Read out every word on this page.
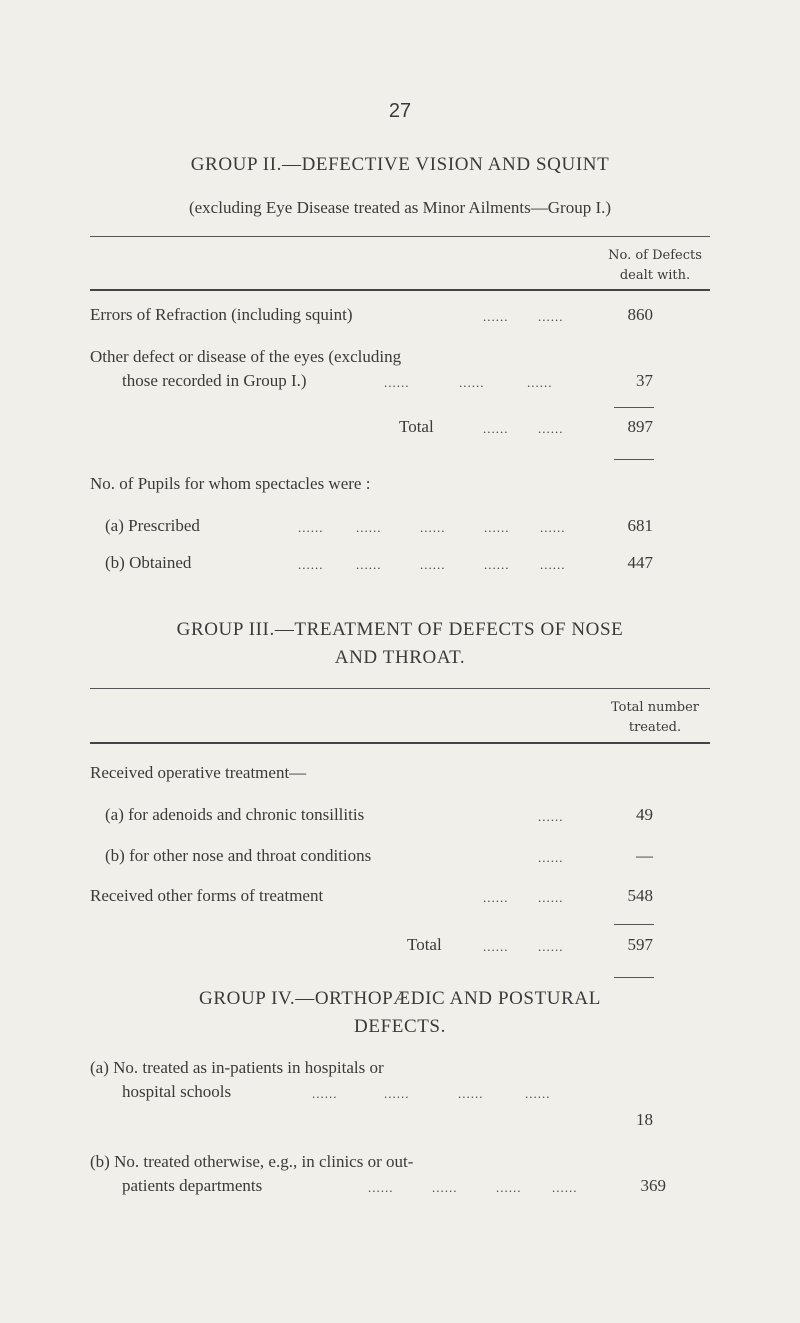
27
GROUP II.—DEFECTIVE VISION AND SQUINT
(excluding Eye Disease treated as Minor Ailments—Group I.)
No. of Defects
dealt with.
Errors of Refraction (including squint)	...... ......	860
Other defect or disease of the eyes (excluding
those recorded in Group I.)	......	......	......	37
Total	...... ......	897
No. of Pupils for whom spectacles were :
(a) Prescribed	......	......	......	...... ......	681
(b) Obtained	......	......	......	...... ......	447
GROUP III.—TREATMENT OF DEFECTS OF NOSE
AND THROAT.
Total number
treated.
Received operative treatment—
(a) for adenoids and chronic tonsillitis	......	49
(b) for other nose and throat conditions	......	—
Received other forms of treatment	...... ......	548
Total	...... ......	597
GROUP IV.—ORTHOPÆDIC AND POSTURAL
DEFECTS.
(a) No. treated as in-patients in hospitals or
hospital schools	......	......	......	......
18
(b) No. treated otherwise, e.g., in clinics or out-
patients departments	......	......	...... ......	369
